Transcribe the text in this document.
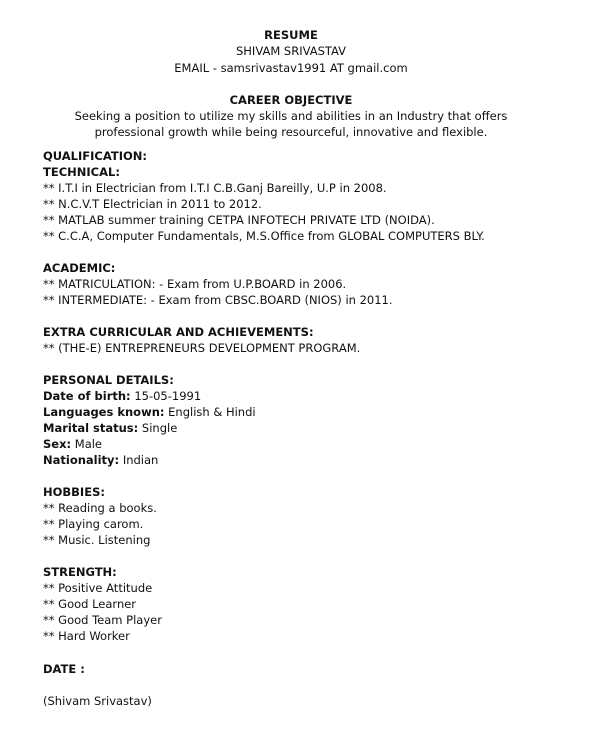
RESUME
SHIVAM SRIVASTAV
EMAIL - samsrivastav1991 AT gmail.com
CAREER OBJECTIVE
Seeking a position to utilize my skills and abilities in an Industry that offers
professional growth while being resourceful, innovative and flexible.
QUALIFICATION:
TECHNICAL:
** I.T.I in Electrician from I.T.I C.B.Ganj Bareilly, U.P in 2008.
** N.C.V.T Electrician in 2011 to 2012.
** MATLAB summer training CETPA INFOTECH PRIVATE LTD (NOIDA).
** C.C.A, Computer Fundamentals, M.S.Office from GLOBAL COMPUTERS BLY.
ACADEMIC:
** MATRICULATION: - Exam from U.P.BOARD in 2006.
** INTERMEDIATE: - Exam from CBSC.BOARD (NIOS) in 2011.
EXTRA CURRICULAR AND ACHIEVEMENTS:
** (THE-E) ENTREPRENEURS DEVELOPMENT PROGRAM.
PERSONAL DETAILS:
Date of birth: 15-05-1991
Languages known: English & Hindi
Marital status: Single
Sex: Male
Nationality: Indian
HOBBIES:
** Reading a books.
** Playing carom.
** Music. Listening
STRENGTH:
** Positive Attitude
** Good Learner
** Good Team Player
** Hard Worker
DATE :
(Shivam Srivastav)
